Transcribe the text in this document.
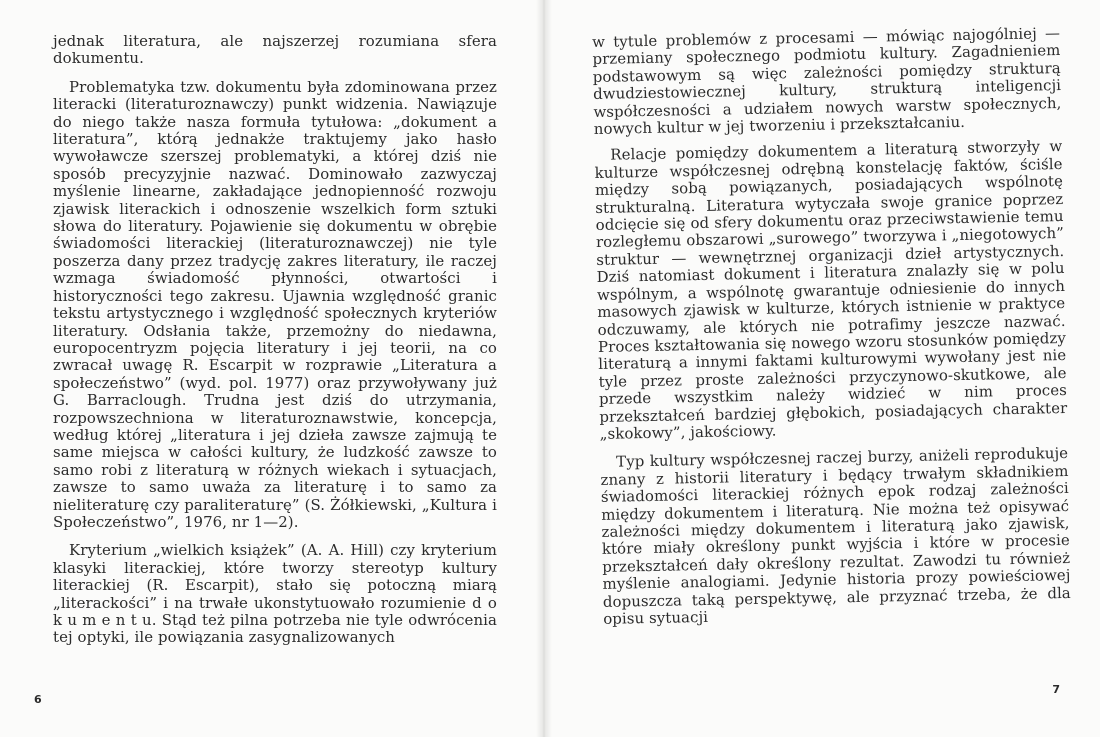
jednak literatura, ale najszerzej rozumiana sfera dokumentu.

Problematyka tzw. dokumentu była zdominowana przez literacki (literaturoznawczy) punkt widzenia. Nawiązuje do niego także nasza formuła tytułowa: „dokument a literatura”, którą jednakże traktujemy jako hasło wywoławcze szerszej problematyki, a której dziś nie sposób precyzyjnie nazwać. Dominowało zazwyczaj myślenie linearne, zakładające jednopienność rozwoju zjawisk literackich i odnoszenie wszelkich form sztuki słowa do literatury. Pojawienie się dokumentu w obrębie świadomości literackiej (literaturoznawczej) nie tyle poszerza dany przez tradycję zakres literatury, ile raczej wzmaga świadomość płynności, otwartości i historyczności tego zakresu. Ujawnia względność granic tekstu artystycznego i względność społecznych kryteriów literatury. Odsłania także, przemożny do niedawna, europocentryzm pojęcia literatury i jej teorii, na co zwracał uwagę R. Escarpit w rozprawie „Literatura a społeczeństwo” (wyd. pol. 1977) oraz przywoływany już G. Barraclough. Trudna jest dziś do utrzymania, rozpowszechniona w literaturoznawstwie, koncepcja, według której „literatura i jej dzieła zawsze zajmują te same miejsca w całości kultury, że ludzkość zawsze to samo robi z literaturą w różnych wiekach i sytuacjach, zawsze to samo uważa za literaturę i to samo za nieliteraturę czy paraliteraturę” (S. Żółkiewski, „Kultura i Społeczeństwo”, 1976, nr 1—2).

Kryterium „wielkich książek” (A. A. Hill) czy kryterium klasyki literackiej, które tworzy stereotyp kultury literackiej (R. Escarpit), stało się potoczną miarą „literackości” i na trwałe ukonstytuowało rozumienie d o k u m e n t u. Stąd też pilna potrzeba nie tyle odwrócenia tej optyki, ile powiązania zasygnalizowanych

6

w tytule problemów z procesami — mówiąc najogólniej — przemiany społecznego podmiotu kultury. Zagadnieniem podstawowym są więc zależności pomiędzy strukturą dwudziestowiecznej kultury, strukturą inteligencji współczesności a udziałem nowych warstw społecznych, nowych kultur w jej tworzeniu i przekształcaniu.

Relacje pomiędzy dokumentem a literaturą stworzyły w kulturze współczesnej odrębną konstelację faktów, ściśle między sobą powiązanych, posiadających wspólnotę strukturalną. Literatura wytyczała swoje granice poprzez odcięcie się od sfery dokumentu oraz przeciwstawienie temu rozległemu obszarowi „surowego” tworzywa i „niegotowych” struktur — wewnętrznej organizacji dzieł artystycznych. Dziś natomiast dokument i literatura znalazły się w polu wspólnym, a wspólnotę gwarantuje odniesienie do innych masowych zjawisk w kulturze, których istnienie w praktyce odczuwamy, ale których nie potrafimy jeszcze nazwać. Proces kształtowania się nowego wzoru stosunków pomiędzy literaturą a innymi faktami kulturowymi wywołany jest nie tyle przez proste zależności przyczynowo-skutkowe, ale przede wszystkim należy widzieć w nim proces przekształceń bardziej głębokich, posiadających charakter „skokowy”, jakościowy.

Typ kultury współczesnej raczej burzy, aniżeli reprodukuje znany z historii literatury i będący trwałym składnikiem świadomości literackiej różnych epok rodzaj zależności między dokumentem i literaturą. Nie można też opisywać zależności między dokumentem i literaturą jako zjawisk, które miały określony punkt wyjścia i które w procesie przekształceń dały określony rezultat. Zawodzi tu również myślenie analogiami. Jedynie historia prozy powieściowej dopuszcza taką perspektywę, ale przyznać trzeba, że dla opisu sytuacji

7
